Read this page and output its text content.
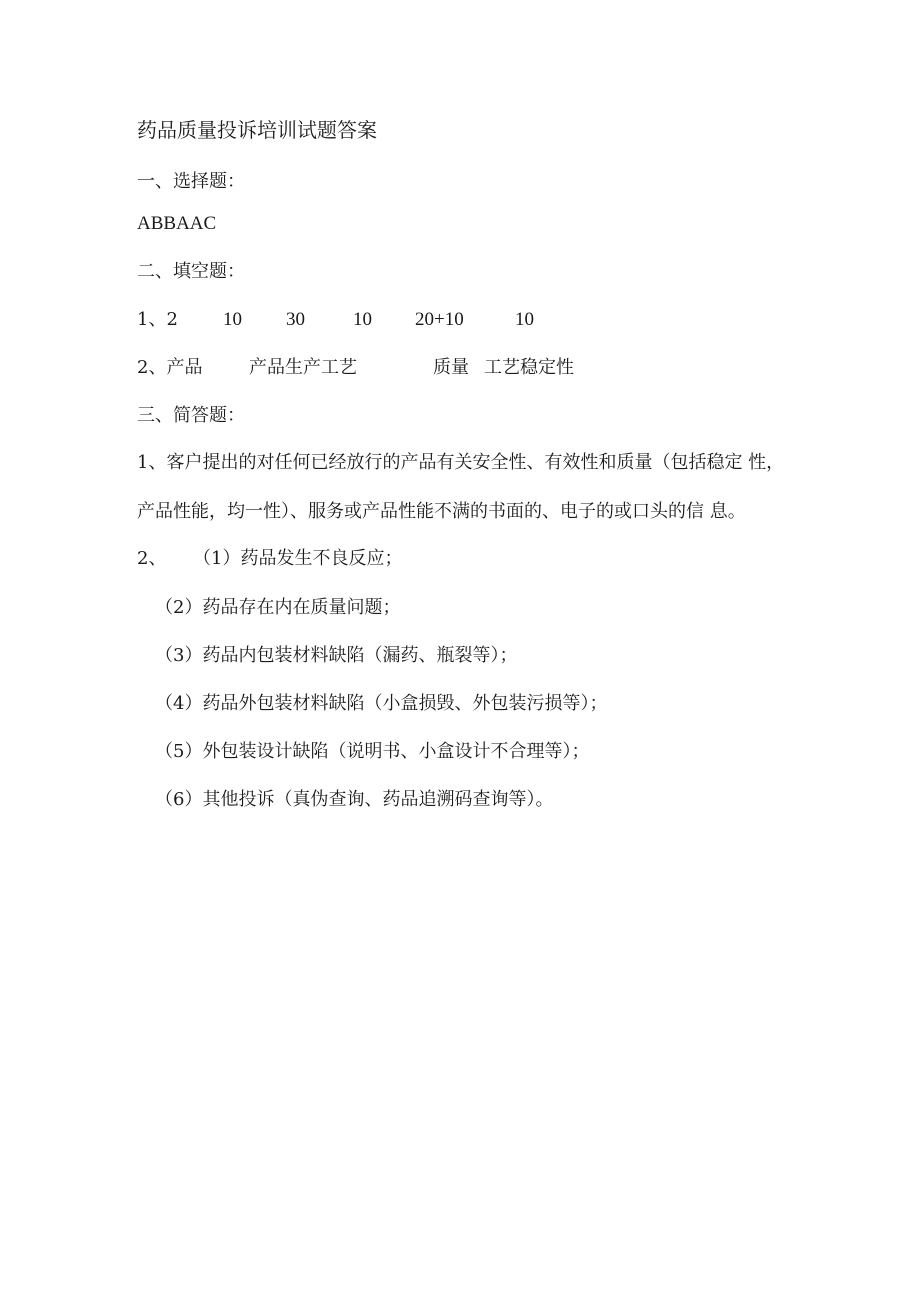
药品质量投诉培训试题答案
一、选择题：
ABBAAC
二、填空题：
1、2 10 30	10 20+10	10
2、产品	产品生产工艺	质量 工艺稳定性
三、简答题：
1、客户提出的对任何已经放行的产品有关安全性、有效性和质量（包括稳定 性，
产品性能，均一性）、服务或产品性能不满的书面的、电子的或口头的信 息。
2、 （1）药品发生不良反应；
（2）药品存在内在质量问题；
（3）药品内包装材料缺陷（漏药、瓶裂等）；
（4）药品外包装材料缺陷（小盒损毁、外包装污损等）；
（5）外包装设计缺陷（说明书、小盒设计不合理等）；
（6）其他投诉（真伪查询、药品追溯码查询等）。
